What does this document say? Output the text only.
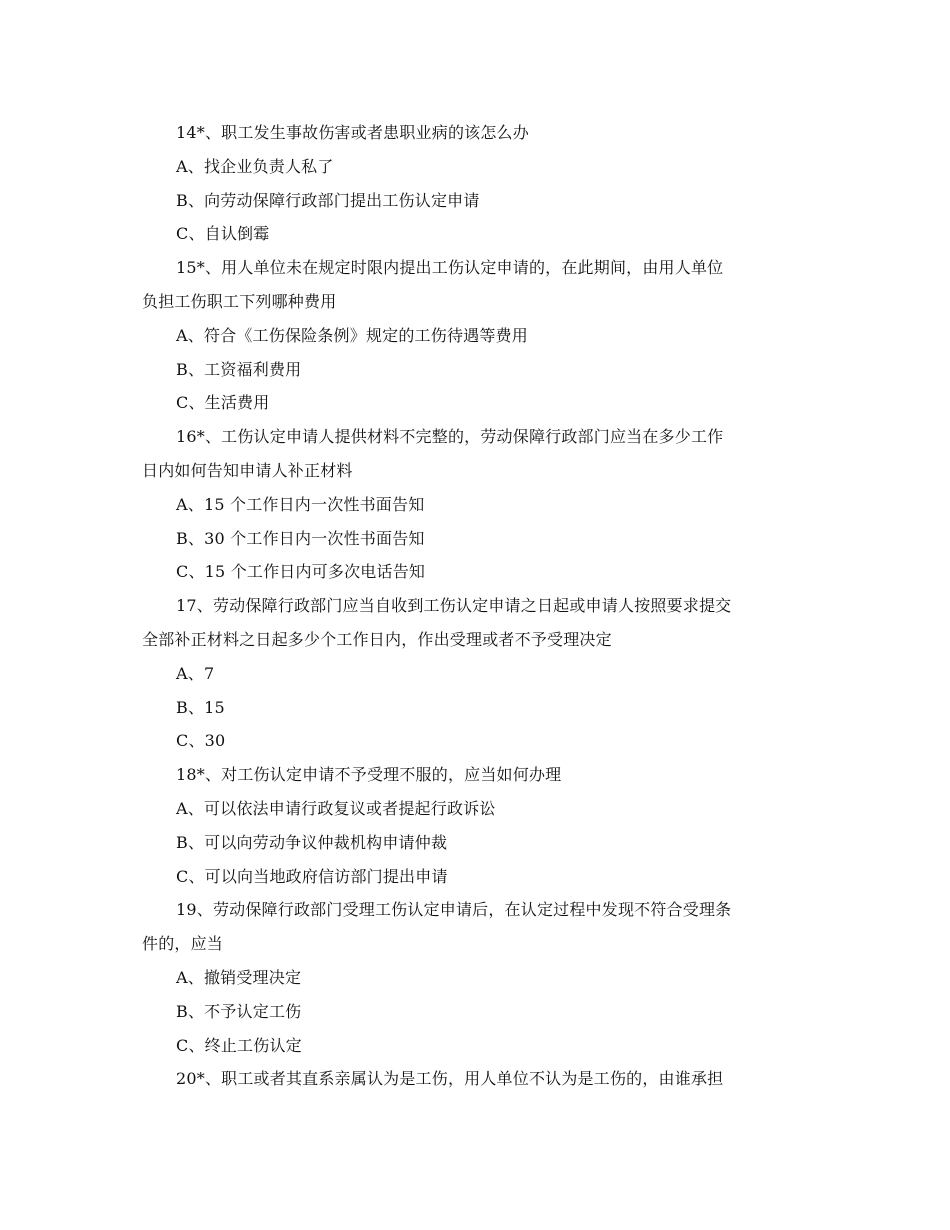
14*、职工发生事故伤害或者患职业病的该怎么办

A、找企业负责人私了

B、向劳动保障行政部门提出工伤认定申请

C、自认倒霉

15*、用人单位未在规定时限内提出工伤认定申请的，在此期间，由用人单位

负担工伤职工下列哪种费用

A、符合《工伤保险条例》规定的工伤待遇等费用

B、工资福利费用

C、生活费用

16*、工伤认定申请人提供材料不完整的，劳动保障行政部门应当在多少工作

日内如何告知申请人补正材料

A、15 个工作日内一次性书面告知

B、30 个工作日内一次性书面告知

C、15 个工作日内可多次电话告知

17、劳动保障行政部门应当自收到工伤认定申请之日起或申请人按照要求提交

全部补正材料之日起多少个工作日内，作出受理或者不予受理决定

A、7

B、15

C、30

18*、对工伤认定申请不予受理不服的，应当如何办理

A、可以依法申请行政复议或者提起行政诉讼

B、可以向劳动争议仲裁机构申请仲裁

C、可以向当地政府信访部门提出申请

19、劳动保障行政部门受理工伤认定申请后，在认定过程中发现不符合受理条

件的，应当

A、撤销受理决定

B、不予认定工伤

C、终止工伤认定

20*、职工或者其直系亲属认为是工伤，用人单位不认为是工伤的，由谁承担
